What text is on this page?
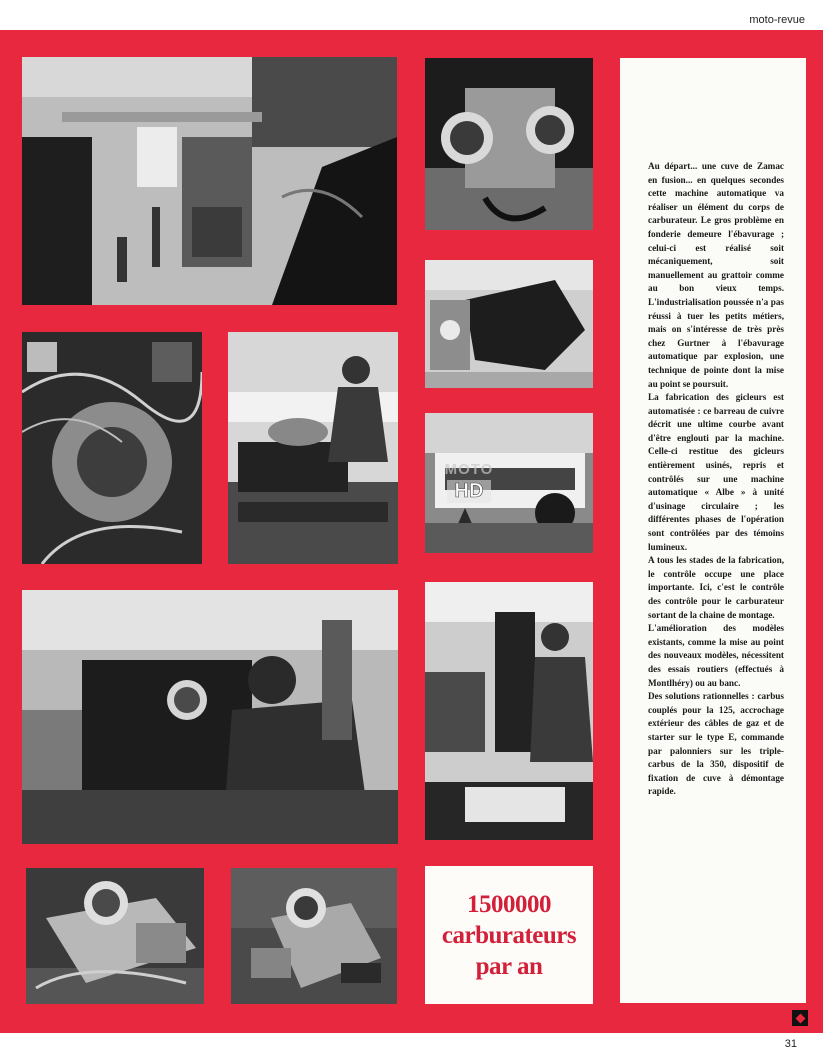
moto-revue
MOTO
HD

Au départ... une cuve de Zamac en fusion... en quelques secondes cette machine automatique va réaliser un élément du corps de carburateur. Le gros problème en fonderie demeure l'ébavurage ; celui-ci est réalisé soit mécaniquement, soit manuellement au grattoir comme au bon vieux temps. L'industrialisation poussée n'a pas réussi à tuer les petits métiers, mais on s'intéresse de très près chez Gurtner à l'ébavurage automatique par explosion, une technique de pointe dont la mise au point se poursuit.

La fabrication des gicleurs est automatisée : ce barreau de cuivre décrit une ultime courbe avant d'être englouti par la machine. Celle-ci restitue des gicleurs entièrement usinés, repris et contrôlés sur une machine automatique « Albe » à unité d'usinage circulaire ; les différentes phases de l'opération sont contrôlées par des témoins lumineux.

A tous les stades de la fabrication, le contrôle occupe une place importante. Ici, c'est le contrôle des contrôle pour le carburateur sortant de la chaine de montage.

L'amélioration des modèles existants, comme la mise au point des nouveaux modèles, nécessitent des essais routiers (effectués à Montlhéry) ou au banc.

Des solutions rationnelles : carbus couplés pour la 125, accrochage extérieur des câbles de gaz et de starter sur le type E, commande par palonniers sur les triple-carbus de la 350, dispositif de fixation de cuve à démontage rapide.

1500000
carburateurs
par an
31
